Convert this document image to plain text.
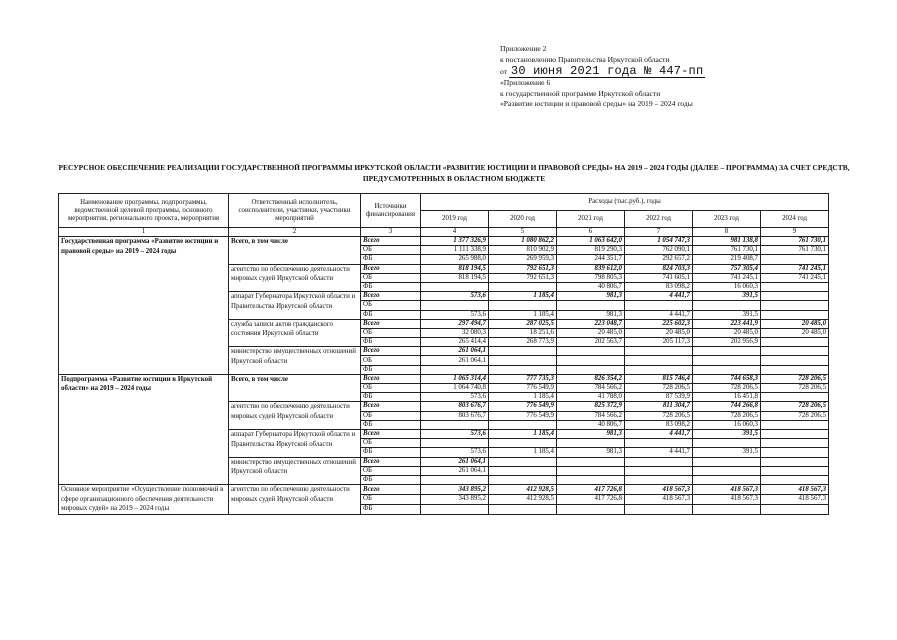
Приложение 2
к постановлению Правительства Иркутской области
от 30 июня 2021 года № 447-пп
«Приложение 6
к государственной программе Иркутской области
«Развитие юстиции и правовой среды» на 2019 – 2024 годы
РЕСУРСНОЕ ОБЕСПЕЧЕНИЕ РЕАЛИЗАЦИИ ГОСУДАРСТВЕННОЙ ПРОГРАММЫ ИРКУТСКОЙ ОБЛАСТИ «РАЗВИТИЕ ЮСТИЦИИ И ПРАВОВОЙ СРЕДЫ» НА 2019 – 2024 ГОДЫ (ДАЛЕЕ – ПРОГРАММА) ЗА СЧЕТ СРЕДСТВ, ПРЕДУСМОТРЕННЫХ В ОБЛАСТНОМ БЮДЖЕТЕ
Наименование программы, подпрограммы, ведомственной целевой программы, основного мероприятия, регионального проекта, мероприятия	Ответственный исполнитель, соисполнители, участники, участники мероприятий	Источники финансирования	Расходы (тыс.руб.), годы					
			2019 год	2020 год	2021 год	2022 год	2023 год	2024 год
1	2	3	4	5	6	7	8	9
Государственная программа «Развитие юстиции и правовой среды» на 2019 – 2024 годы	Всего, в том числе	Всего	1 377 326,9	1 080 862,2	1 063 642,0	1 054 747,3	981 138,8	761 730,1
		ОБ	1 111 338,9	810 902,9	819 290,3	762 090,1	761 730,1	761 730,1
		ФБ	265 988,0	269 959,3	244 351,7	292 657,2	219 408,7	
	агентство по обеспечению деятельности мировых судей Иркутской области	Всего	818 194,5	792 651,3	839 612,0	824 703,3	757 305,4	741 245,1
		ОБ	818 194,5	792 651,3	798 805,3	741 605,1	741 245,1	741 245,1
		ФБ			40 806,7	83 098,2	16 060,3	
	аппарат Губернатора Иркутской области и Правительства Иркутской области	Всего	573,6	1 185,4	981,3	4 441,7	391,5	
		ОБ						
		ФБ	573,6	1 185,4	981,3	4 441,7	391,5	
	служба записи актов гражданского состояния Иркутской области	Всего	297 494,7	287 025,5	223 048,7	225 602,3	223 441,9	20 485,0
		ОБ	32 080,3	18 251,6	20 485,0	20 485,0	20 485,0	20 485,0
		ФБ	265 414,4	268 773,9	202 563,7	205 117,3	202 956,9	
	министерство имущественных отношений Иркутской области	Всего	261 064,1					
		ОБ	261 064,1					
		ФБ						
Подпрограмма «Развитие юстиции в Иркутской области» на 2019 – 2024 годы	Всего, в том числе	Всего	1 065 314,4	777 735,3	826 354,2	815 746,4	744 658,3	728 206,5
		ОБ	1 064 740,8	776 549,9	784 566,2	728 206,5	728 206,5	728 206,5
		ФБ	573,6	1 185,4	41 788,0	87 539,9	16 451,8	
	агентство по обеспечению деятельности мировых судей Иркутской области	Всего	803 676,7	776 549,9	825 372,9	811 304,7	744 266,8	728 206,5
		ОБ	803 676,7	776 549,9	784 566,2	728 206,5	728 206,5	728 206,5
		ФБ			40 806,7	83 098,2	16 060,3	
	аппарат Губернатора Иркутской области и Правительства Иркутской области	Всего	573,6	1 185,4	981,3	4 441,7	391,5	
		ОБ						
		ФБ	573,6	1 185,4	981,3	4 441,7	391,5	
	министерство имущественных отношений Иркутской области	Всего	261 064,1					
		ОБ	261 064,1					
		ФБ						
Основное мероприятие «Осуществление полномочий в сфере организационного обеспечения деятельности мировых судей» на 2019 – 2024 годы	агентство по обеспечению деятельности мировых судей Иркутской области	Всего	343 895,2	412 928,5	417 726,8	418 567,3	418 567,3	418 567,3
		ОБ	343 895,2	412 928,5	417 726,8	418 567,3	418 567,3	418 567,3
		ФБ						
